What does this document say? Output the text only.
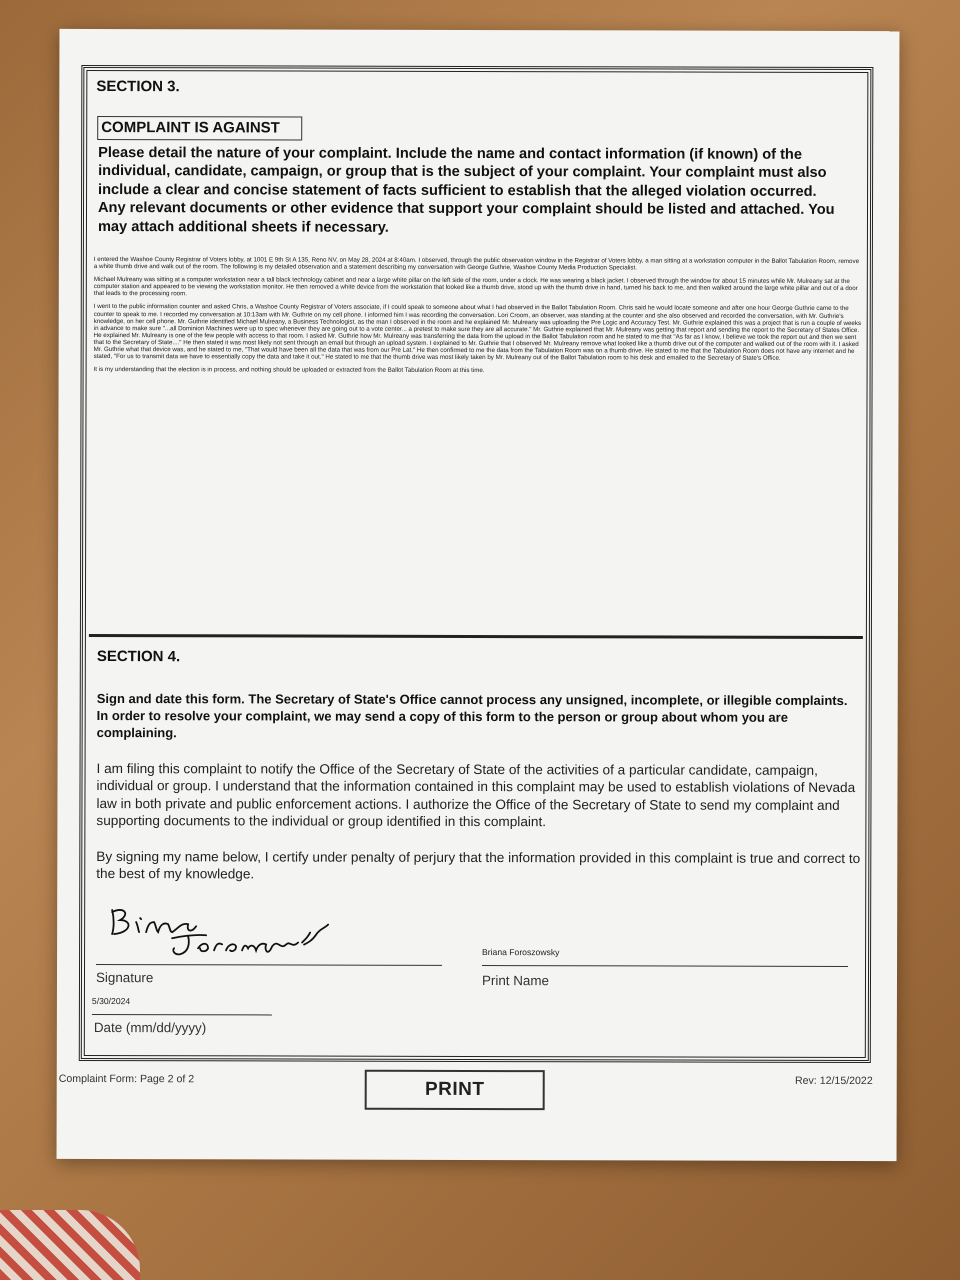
SECTION 3.
COMPLAINT IS AGAINST
Please detail the nature of your complaint. Include the name and contact information (if known) of the individual, candidate, campaign, or group that is the subject of your complaint. Your complaint must also include a clear and concise statement of facts sufficient to establish that the alleged violation occurred. Any relevant documents or other evidence that support your complaint should be listed and attached. You may attach additional sheets if necessary.

I entered the Washoe County Registrar of Voters lobby, at 1001 E 9th St A 135, Reno NV, on May 28, 2024 at 8:40am. I observed, through the public observation window in the Registrar of Voters lobby, a man sitting at a workstation computer in the Ballot Tabulation Room, remove a white thumb drive and walk out of the room. The following is my detailed observation and a statement describing my conversation with George Guthrie, Washoe County Media Production Specialist.

Michael Mulreany was sitting at a computer workstation near a tall black technology cabinet and near a large white pillar on the left side of the room, under a clock. He was wearing a black jacket. I observed through the window for about 15 minutes while Mr. Mulreany sat at the computer station and appeared to be viewing the workstation monitor. He then removed a white device from the workstation that looked like a thumb drive, stood up with the thumb drive in hand, turned his back to me, and then walked around the large white pillar and out of a door that leads to the processing room.

I went to the public information counter and asked Chris, a Washoe County Registrar of Voters associate, if I could speak to someone about what I had observed in the Ballot Tabulation Room. Chris said he would locate someone and after one hour George Guthrie came to the counter to speak to me. I recorded my conversation at 10:13am with Mr. Guthrie on my cell phone. I informed him I was recording the conversation. Lori Croom, an observer, was standing at the counter and she also observed and recorded the conversation, with Mr. Guthrie's knowledge, on her cell phone. Mr. Guthrie identified Michael Mulreany, a Business Technologist, as the man I observed in the room and he explained Mr. Mulreany was uploading the Pre Logic and Accuracy Test. Mr. Guthrie explained this was a project that is run a couple of weeks in advance to make sure "...all Dominion Machines were up to spec whenever they are going out to a vote center... a pretest to make sure they are all accurate." Mr. Guthrie explained that Mr. Mulreany was getting that report and sending the report to the Secretary of States Office. He explained Mr. Mulreany is one of the few people with access to that room. I asked Mr. Guthrie how Mr. Mulreany was transferring the data from the upload in the Ballot Tabulation room and he stated to me that "As far as I know, I believe we took the report out and then we sent that to the Secretary of State...." He then stated it was most likely not sent through an email but through an upload system. I explained to Mr. Guthrie that I observed Mr. Mulreany remove what looked like a thumb drive out of the computer and walked out of the room with it. I asked Mr. Guthrie what that device was, and he stated to me, "That would have been all the data that was from our Pre Lat." He then confirmed to me the data from the Tabulation Room was on a thumb drive. He stated to me that the Tabulation Room does not have any internet and he stated, "For us to transmit data we have to essentially copy the data and take it out." He stated to me that the thumb drive was most likely taken by Mr. Mulreany out of the Ballot Tabulation room to his desk and emailed to the Secretary of State's Office.

It is my understanding that the election is in process, and nothing should be uploaded or extracted from the Ballot Tabulation Room at this time.

SECTION 4.
Sign and date this form. The Secretary of State's Office cannot process any unsigned, incomplete, or illegible complaints. In order to resolve your complaint, we may send a copy of this form to the person or group about whom you are complaining.
I am filing this complaint to notify the Office of the Secretary of State of the activities of a particular candidate, campaign, individual or group. I understand that the information contained in this complaint may be used to establish violations of Nevada law in both private and public enforcement actions. I authorize the Office of the Secretary of State to send my complaint and supporting documents to the individual or group identified in this complaint.
By signing my name below, I certify under penalty of perjury that the information provided in this complaint is true and correct to the best of my knowledge.
Signature
Briana Foroszowsky
Print Name
5/30/2024
Date (mm/dd/yyyy)
Complaint Form: Page 2 of 2	PRINT	Rev: 12/15/2022
